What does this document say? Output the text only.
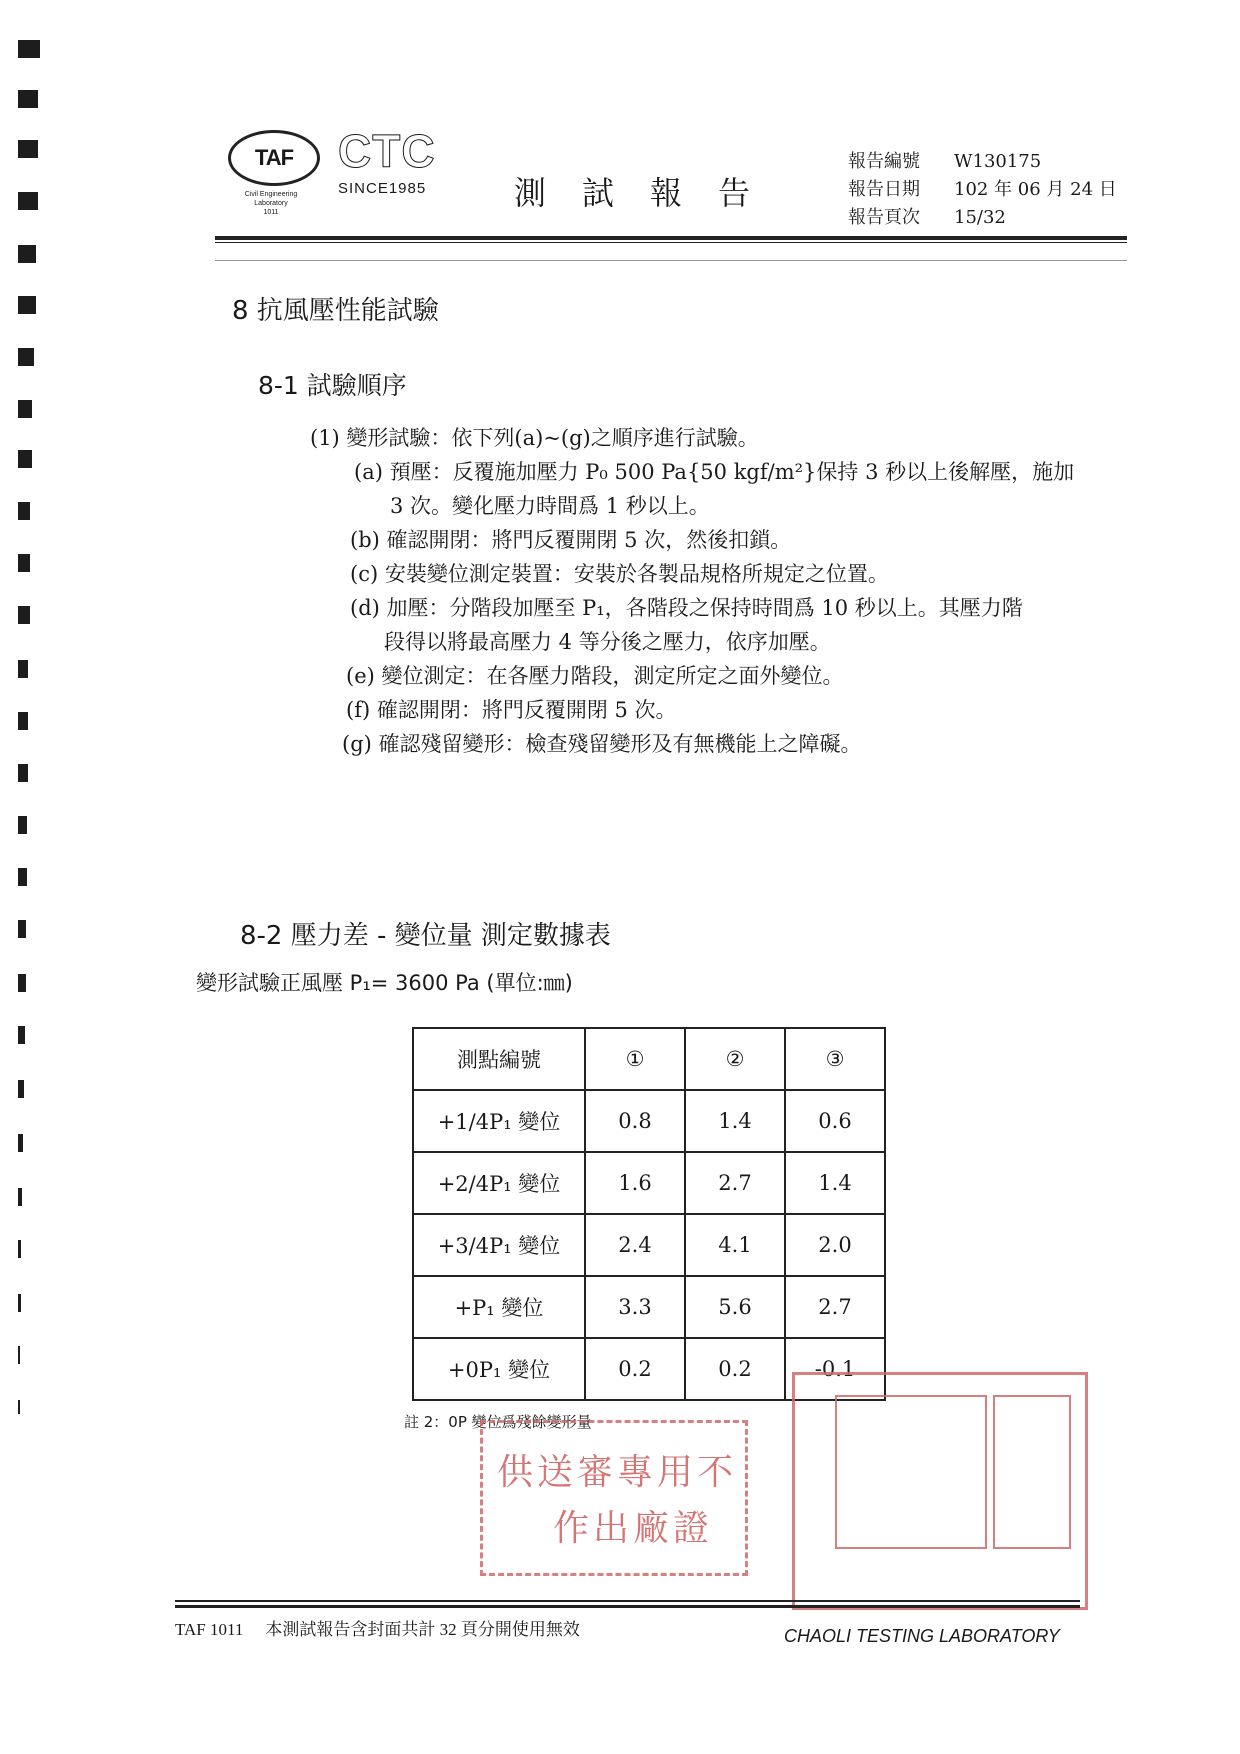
TAF
Civil Engineering
Laboratory
1011
CTC
SINCE1985	測試報告
報告編號 W130175
報告日期 102 年 06 月 24 日
報告頁次 15/32
8 抗風壓性能試驗
8-1 試驗順序
(1) 變形試驗：依下列(a)~(g)之順序進行試驗。
(a) 預壓：反覆施加壓力 P₀ 500 Pa{50 kgf/m²}保持 3 秒以上後解壓，施加
3 次。變化壓力時間爲 1 秒以上。
(b) 確認開閉：將門反覆開閉 5 次，然後扣鎖。
(c) 安裝變位測定裝置：安裝於各製品規格所規定之位置。
(d) 加壓：分階段加壓至 P₁，各階段之保持時間爲 10 秒以上。其壓力階
段得以將最高壓力 4 等分後之壓力，依序加壓。
(e) 變位測定：在各壓力階段，測定所定之面外變位。
(f) 確認開閉：將門反覆開閉 5 次。
(g) 確認殘留變形：檢查殘留變形及有無機能上之障礙。
8-2 壓力差 - 變位量 測定數據表
變形試驗正風壓 P₁= 3600 Pa (單位:㎜)
測點編號	①	②	③
+1/4P₁ 變位	0.8	1.4	0.6
+2/4P₁ 變位	1.6	2.7	1.4
+3/4P₁ 變位	2.4	4.1	2.0
+P₁ 變位	3.3	5.6	2.7
+0P₁ 變位	0.2	0.2	-0.1
註 2：0P 變位爲殘餘變形量
供送審專用不
作出廠證
TAF 1011 本測試報告含封面共計 32 頁分開使用無效	CHAOLI TESTING LABORATORY
